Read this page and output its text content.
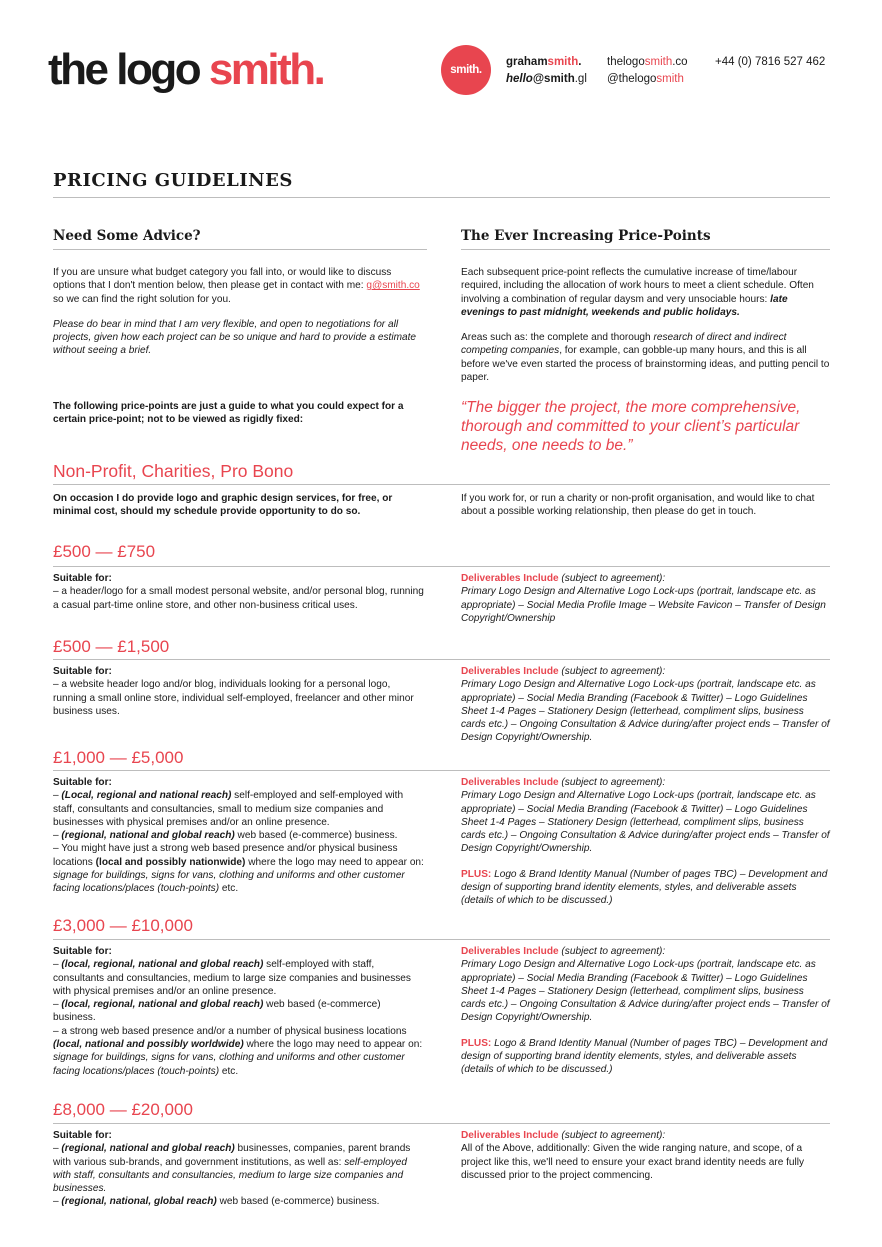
the logo smith.	smith.
grahamsmith.
hello@smith.gl
thelogosmith.co
@thelogosmith
+44 (0) 7816 527 462
PRICING GUIDELINES
Need Some Advice?

If you are unsure what budget category you fall into, or would like to discuss options that I don't mention below, then please get in contact with me: g@smith.co so we can find the right solution for you.

Please do bear in mind that I am very flexible, and open to negotiations for all projects, given how each project can be so unique and hard to provide a estimate without seeing a brief.

The following price-points are just a guide to what you could expect for a certain price-point; not to be viewed as rigidly fixed:
The Ever Increasing Price-Points

Each subsequent price-point reflects the cumulative increase of time/labour required, including the allocation of work hours to meet a client schedule. Often involving a combination of regular daysm and very unsociable hours: late evenings to past midnight, weekends and public holidays.

Areas such as: the complete and thorough research of direct and indirect competing companies, for example, can gobble-up many hours, and this is all before we've even started the process of brainstorming ideas, and putting pencil to paper.

“The bigger the project, the more comprehensive, thorough and committed to your client’s particular needs, one needs to be.”
Non-Profit, Charities, Pro Bono
On occasion I do provide logo and graphic design services, for free, or minimal cost, should my schedule provide opportunity to do so.
If you work for, or run a charity or non-profit organisation, and would like to chat about a possible working relationship, then please do get in touch.
£500 — £750

Suitable for:

– a header/logo for a small modest personal website, and/or personal blog, running a casual part-time online store, and other non-business critical uses.

Deliverables Include (subject to agreement):

Primary Logo Design and Alternative Logo Lock-ups (portrait, landscape etc. as appropriate) – Social Media Profile Image – Website Favicon – Transfer of Design Copyright/Ownership

£500 — £1,500

Suitable for:

– a website header logo and/or blog, individuals looking for a personal logo, running a small online store, individual self-employed, freelancer and other minor business uses.

Deliverables Include (subject to agreement):

Primary Logo Design and Alternative Logo Lock-ups (portrait, landscape etc. as appropriate) – Social Media Branding (Facebook & Twitter) – Logo Guidelines Sheet 1-4 Pages – Stationery Design (letterhead, compliment slips, business cards etc.) – Ongoing Consultation & Advice during/after project ends – Transfer of Design Copyright/Ownership.

£1,000 — £5,000

Suitable for:

– (Local, regional and national reach) self-employed and self-employed with staff, consultants and consultancies, small to medium size companies and businesses with physical premises and/or an online presence.

– (regional, national and global reach) web based (e-commerce) business.

– You might have just a strong web based presence and/or physical business locations (local and possibly nationwide) where the logo may need to appear on: signage for buildings, signs for vans, clothing and uniforms and other customer facing locations/places (touch-points) etc.

Deliverables Include (subject to agreement):

Primary Logo Design and Alternative Logo Lock-ups (portrait, landscape etc. as appropriate) – Social Media Branding (Facebook & Twitter) – Logo Guidelines Sheet 1-4 Pages – Stationery Design (letterhead, compliment slips, business cards etc.) – Ongoing Consultation & Advice during/after project ends – Transfer of Design Copyright/Ownership.

PLUS: Logo & Brand Identity Manual (Number of pages TBC) – Development and design of supporting brand identity elements, styles, and deliverable assets (details of which to be discussed.)

£3,000 — £10,000

Suitable for:

– (local, regional, national and global reach) self-employed with staff, consultants and consultancies, medium to large size companies and businesses with physical premises and/or an online presence.

– (local, regional, national and global reach) web based (e-commerce) business.

– a strong web based presence and/or a number of physical business locations (local, national and possibly worldwide) where the logo may need to appear on: signage for buildings, signs for vans, clothing and uniforms and other customer facing locations/places (touch-points) etc.

Deliverables Include (subject to agreement):

Primary Logo Design and Alternative Logo Lock-ups (portrait, landscape etc. as appropriate) – Social Media Branding (Facebook & Twitter) – Logo Guidelines Sheet 1-4 Pages – Stationery Design (letterhead, compliment slips, business cards etc.) – Ongoing Consultation & Advice during/after project ends – Transfer of Design Copyright/Ownership.

PLUS: Logo & Brand Identity Manual (Number of pages TBC) – Development and design of supporting brand identity elements, styles, and deliverable assets (details of which to be discussed.)

£8,000 — £20,000

Suitable for:

– (regional, national and global reach) businesses, companies, parent brands with various sub-brands, and government institutions, as well as: self-employed with staff, consultants and consultancies, medium to large size companies and businesses.

– (regional, national, global reach) web based (e-commerce) business.

Deliverables Include (subject to agreement):

All of the Above, additionally: Given the wide ranging nature, and scope, of a project like this, we'll need to ensure your exact brand identity needs are fully discussed prior to the project commencing.
